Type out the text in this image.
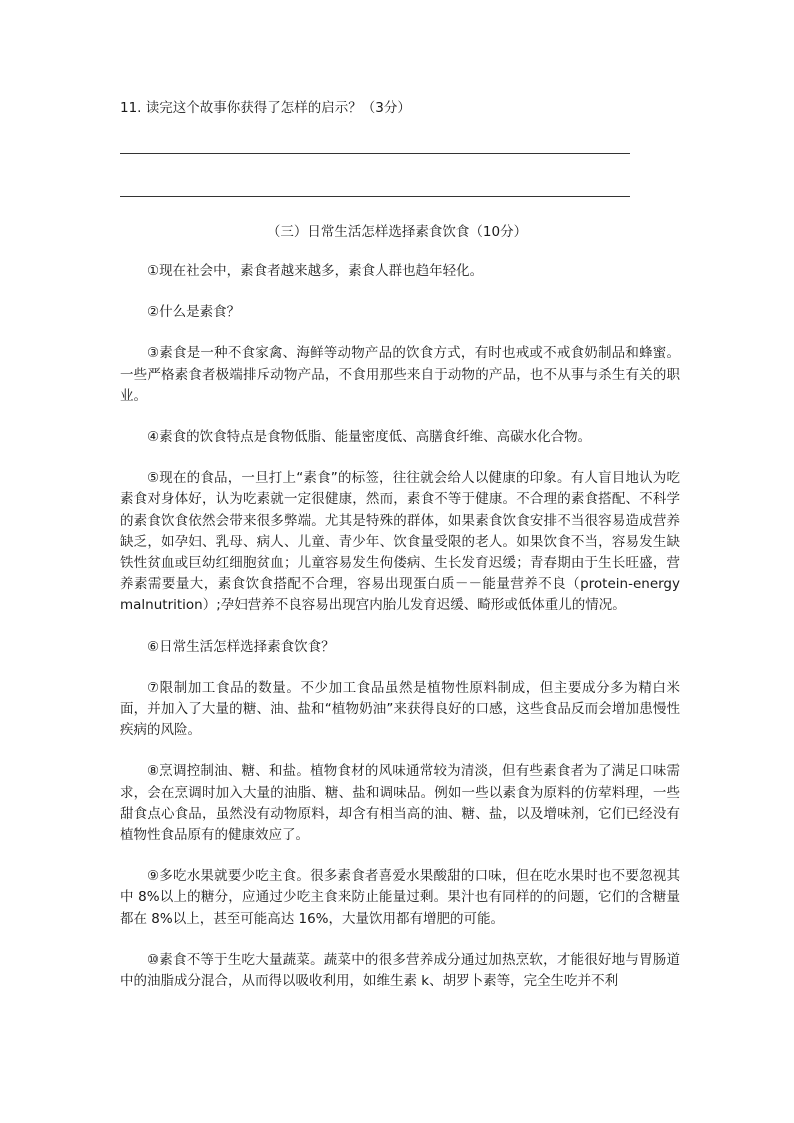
11. 读完这个故事你获得了怎样的启示？（3分）
（三）日常生活怎样选择素食饮食（10分）

①现在社会中，素食者越来越多，素食人群也趋年轻化。

②什么是素食？

③素食是一种不食家禽、海鲜等动物产品的饮食方式，有时也戒或不戒食奶制品和蜂蜜。一些严格素食者极端排斥动物产品，不食用那些来自于动物的产品，也不从事与杀生有关的职业。

④素食的饮食特点是食物低脂、能量密度低、高膳食纤维、高碳水化合物。

⑤现在的食品，一旦打上“素食”的标签，往往就会给人以健康的印象。有人盲目地认为吃素食对身体好，认为吃素就一定很健康，然而，素食不等于健康。不合理的素食搭配、不科学的素食饮食依然会带来很多弊端。尤其是特殊的群体，如果素食饮食安排不当很容易造成营养缺乏，如孕妇、乳母、病人、儿童、青少年、饮食量受限的老人。如果饮食不当，容易发生缺铁性贫血或巨幼红细胞贫血；儿童容易发生佝偻病、生长发育迟缓；青春期由于生长旺盛，营养素需要量大，素食饮食搭配不合理，容易出现蛋白质－－能量营养不良（protein-energy　malnutrition）;孕妇营养不良容易出现宫内胎儿发育迟缓、畸形或低体重儿的情况。

⑥日常生活怎样选择素食饮食？

⑦限制加工食品的数量。不少加工食品虽然是植物性原料制成，但主要成分多为精白米面，并加入了大量的糖、油、盐和“植物奶油”来获得良好的口感，这些食品反而会增加患慢性疾病的风险。

⑧烹调控制油、糖、和盐。植物食材的风味通常较为清淡，但有些素食者为了满足口味需求，会在烹调时加入大量的油脂、糖、盐和调味品。例如一些以素食为原料的仿荤料理，一些甜食点心食品，虽然没有动物原料，却含有相当高的油、糖、盐，以及增味剂，它们已经没有植物性食品原有的健康效应了。

⑨多吃水果就要少吃主食。很多素食者喜爱水果酸甜的口味，但在吃水果时也不要忽视其中 8%以上的糖分，应通过少吃主食来防止能量过剩。果汁也有同样的的问题，它们的含糖量都在 8%以上，甚至可能高达 16%，大量饮用都有增肥的可能。

⑩素食不等于生吃大量蔬菜。蔬菜中的很多营养成分通过加热烹软，才能很好地与胃肠道中的油脂成分混合，从而得以吸收利用，如维生素 k、胡罗卜素等，完全生吃并不利
